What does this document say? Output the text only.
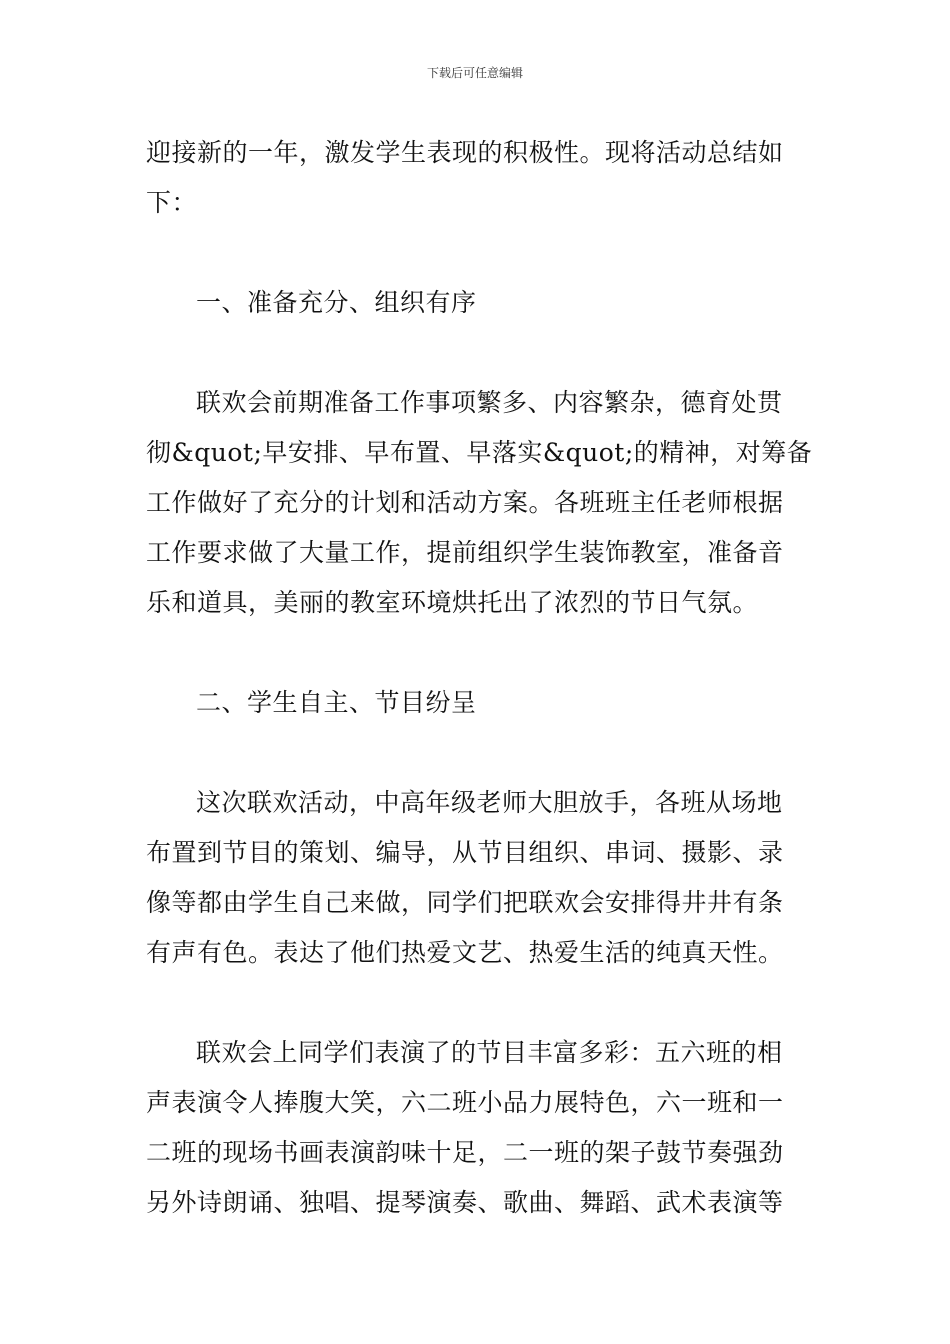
下载后可任意编辑
迎接新的一年，激发学生表现的积极性。现将活动总结如
下：
一、准备充分、组织有序
联欢会前期准备工作事项繁多、内容繁杂，德育处贯
彻&quot;早安排、早布置、早落实&quot;的精神，对筹备
工作做好了充分的计划和活动方案。各班班主任老师根据
工作要求做了大量工作，提前组织学生装饰教室，准备音
乐和道具，美丽的教室环境烘托出了浓烈的节日气氛。
二、学生自主、节目纷呈
这次联欢活动，中高年级老师大胆放手，各班从场地
布置到节目的策划、编导，从节目组织、串词、摄影、录
像等都由学生自己来做，同学们把联欢会安排得井井有条
有声有色。表达了他们热爱文艺、热爱生活的纯真天性。
联欢会上同学们表演了的节目丰富多彩：五六班的相
声表演令人捧腹大笑，六二班小品力展特色，六一班和一
二班的现场书画表演韵味十足，二一班的架子鼓节奏强劲
另外诗朗诵、独唱、提琴演奏、歌曲、舞蹈、武术表演等
